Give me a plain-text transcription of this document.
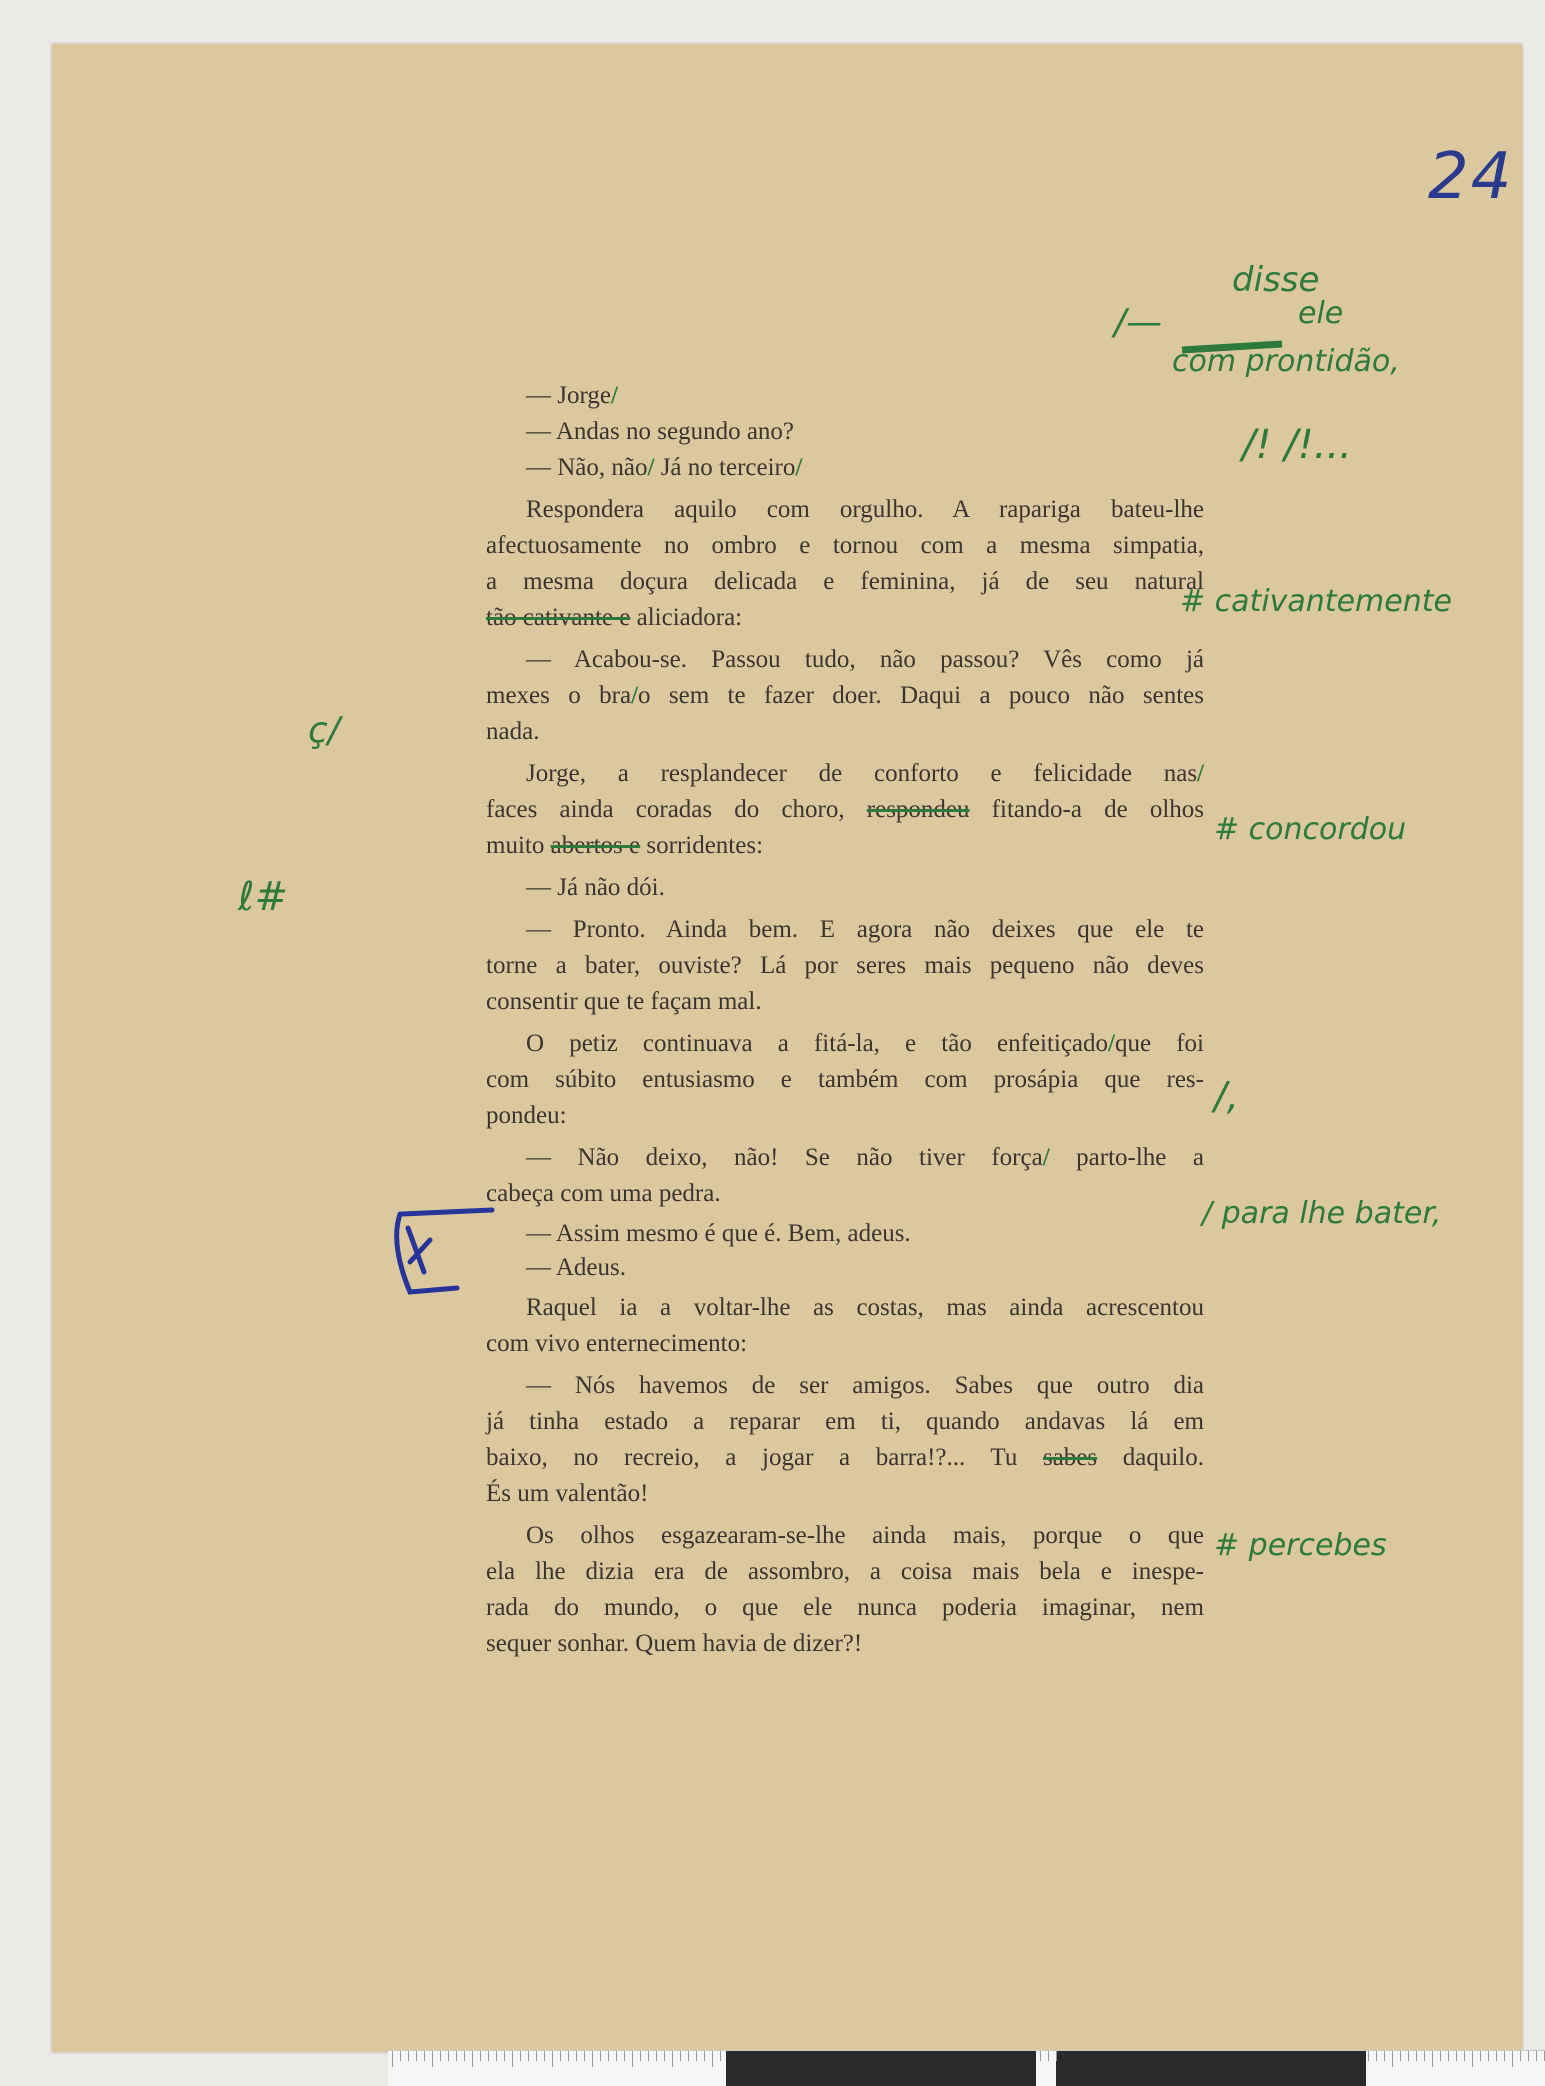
24
— Jorge/
— Andas no segundo ano?
— Não, não/ Já no terceiro/
Respondera aquilo com orgulho. A rapariga bateu-lhe
afectuosamente no ombro e tornou com a mesma simpatia,
a mesma doçura delicada e feminina, já de seu natural
tão cativante e aliciadora:
— Acabou-se. Passou tudo, não passou? Vês como já
mexes o bra/o sem te fazer doer. Daqui a pouco não sentes
nada.
Jorge, a resplandecer de conforto e felicidade nas/
faces ainda coradas do choro, respondeu fitando-a de olhos
muito abertos e sorridentes:
— Já não dói.
— Pronto. Ainda bem. E agora não deixes que ele te
torne a bater, ouviste? Lá por seres mais pequeno não deves
consentir que te façam mal.
O petiz continuava a fitá-la, e tão enfeitiçado/que foi
com súbito entusiasmo e também com prosápia que res-
pondeu:
— Não deixo, não! Se não tiver força/ parto-lhe a
cabeça com uma pedra.
— Assim mesmo é que é. Bem, adeus.
— Adeus.
Raquel ia a voltar-lhe as costas, mas ainda acrescentou
com vivo enternecimento:
— Nós havemos de ser amigos. Sabes que outro dia
já tinha estado a reparar em ti, quando andavas lá em
baixo, no recreio, a jogar a barra!?... Tu sabes daquilo.
És um valentão!
Os olhos esgazearam-se-lhe ainda mais, porque o que
ela lhe dizia era de assombro, a coisa mais bela e inespe-
rada do mundo, o que ele nunca poderia imaginar, nem
sequer sonhar. Quem havia de dizer?!
disse
/—	ele
com prontidão,
/! /!...
# cativantemente
# concordou
/,
/ para lhe bater,
# percebes
ç/
ℓ#
